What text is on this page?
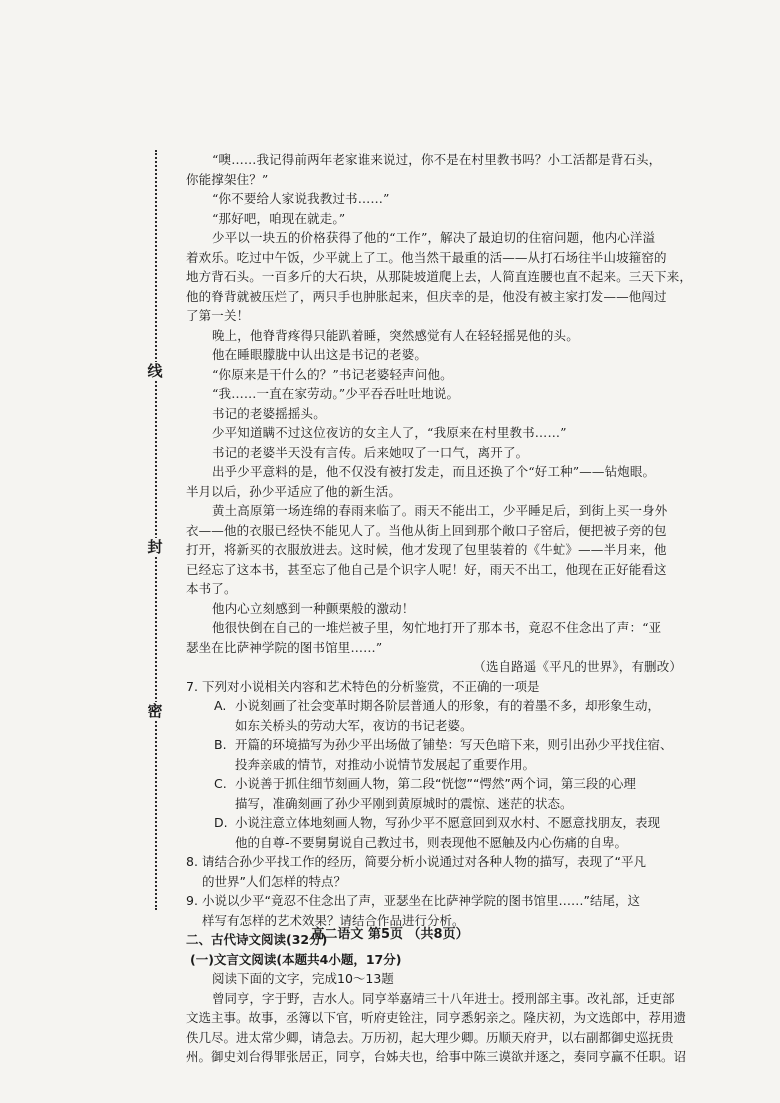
线
封
密

“噢……我记得前两年老家谁来说过，你不是在村里教书吗？小工活都是背石头，

你能撑架住？”

“你不要给人家说我教过书……”

“那好吧，咱现在就走。”

少平以一块五的价格获得了他的“工作”，解决了最迫切的住宿问题，他内心洋溢

着欢乐。吃过中午饭，少平就上了工。他当然干最重的活——从打石场往半山坡箍窑的

地方背石头。一百多斤的大石块，从那陡坡道爬上去，人简直连腰也直不起来。三天下来，

他的脊背就被压烂了，两只手也肿胀起来，但庆幸的是，他没有被主家打发——他闯过

了第一关！

晚上，他脊背疼得只能趴着睡，突然感觉有人在轻轻摇晃他的头。

他在睡眼朦胧中认出这是书记的老婆。

“你原来是干什么的？”书记老婆轻声问他。

“我……一直在家劳动。”少平吞吞吐吐地说。

书记的老婆摇摇头。

少平知道瞒不过这位夜访的女主人了，“我原来在村里教书……”

书记的老婆半天没有言传。后来她叹了一口气，离开了。

出乎少平意料的是，他不仅没有被打发走，而且还换了个“好工种”——钻炮眼。

半月以后，孙少平适应了他的新生活。

黄土高原第一场连绵的春雨来临了。雨天不能出工，少平睡足后，到街上买一身外

衣——他的衣服已经快不能见人了。当他从街上回到那个敞口子窑后，便把被子旁的包

打开，将新买的衣服放进去。这时候，他才发现了包里装着的《牛虻》——半月来，他

已经忘了这本书，甚至忘了他自己是个识字人呢！好，雨天不出工，他现在正好能看这

本书了。

他内心立刻感到一种颤栗般的激动！

他很快倒在自己的一堆烂被子里，匆忙地打开了那本书，竟忍不住念出了声：“亚

瑟坐在比萨神学院的图书馆里……”

（选自路遥《平凡的世界》，有删改）

7. 下列对小说相关内容和艺术特色的分析鉴赏，不正确的一项是

A. 小说刻画了社会变革时期各阶层普通人的形象，有的着墨不多，却形象生动，

如东关桥头的劳动大军，夜访的书记老婆。

B. 开篇的环境描写为孙少平出场做了铺垫：写天色暗下来，则引出孙少平找住宿、

投奔亲戚的情节，对推动小说情节发展起了重要作用。

C. 小说善于抓住细节刻画人物，第二段“恍惚”“愕然”两个词，第三段的心理

描写，准确刻画了孙少平刚到黄原城时的震惊、迷茫的状态。

D. 小说注意立体地刻画人物，写孙少平不愿意回到双水村、不愿意找朋友，表现

他的自尊-不要舅舅说自己教过书，则表现他不愿触及内心伤痛的自卑。

8. 请结合孙少平找工作的经历，简要分析小说通过对各种人物的描写，表现了“平凡

的世界”人们怎样的特点？

9. 小说以少平“竟忍不住念出了声，亚瑟坐在比萨神学院的图书馆里……”结尾，这

样写有怎样的艺术效果？请结合作品进行分析。

二、古代诗文阅读(32分)

(一)文言文阅读(本题共4小题，17分)

阅读下面的文字，完成10～13题

曾同亨，字于野，吉水人。同亨举嘉靖三十八年进士。授刑部主事。改礼部，迁吏部

文选主事。故事，丞簿以下官，听府吏铨注，同亨悉躬亲之。隆庆初，为文选郎中，荐用遗

佚几尽。进太常少卿，请急去。万历初，起大理少卿。历顺天府尹，以右副都御史巡抚贵

州。御史刘台得罪张居正，同亨，台姊夫也，给事中陈三谟欲并逐之，奏同亨赢不任职。诏

高二语文 第5页 （共8页）
